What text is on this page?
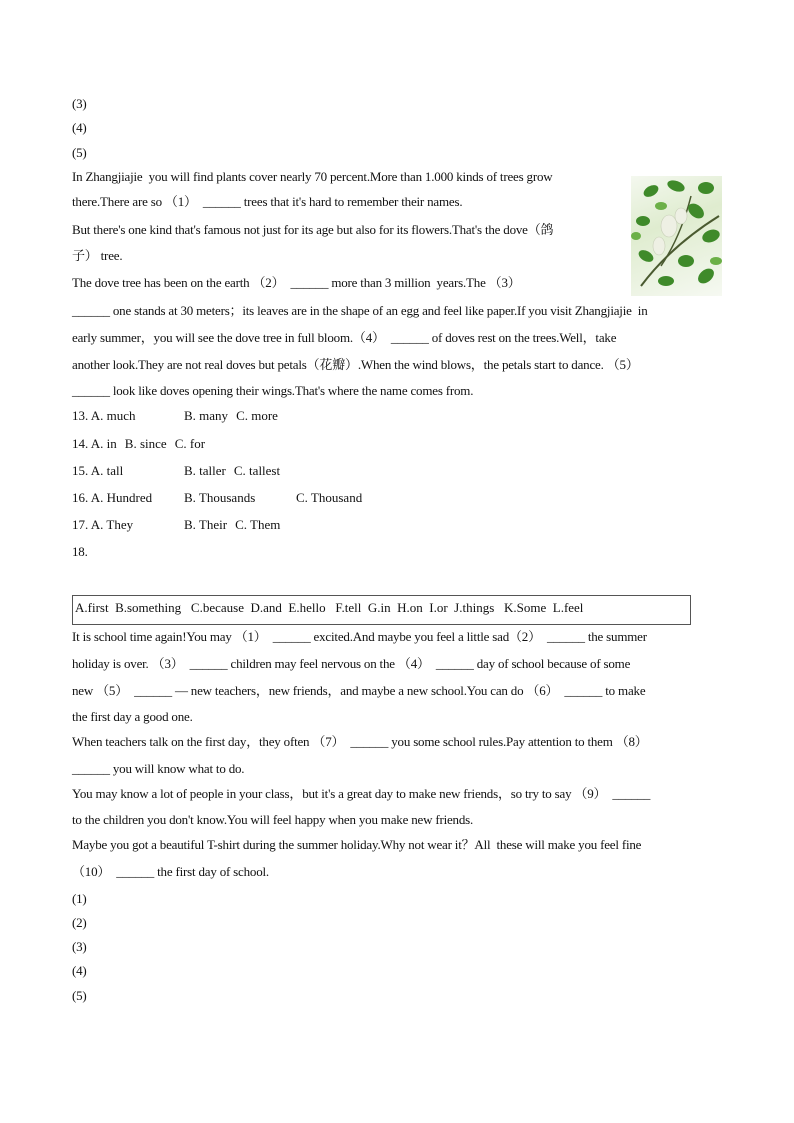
(3)
(4)
(5)
In Zhangjiajie  you will find plants cover nearly 70 percent.More than 1.000 kinds of trees grow
there.There are so （1）  ______ trees that it's hard to remember their names.
But there's one kind that's famous not just for its age but also for its flowers.That's the dove（鸽
子） tree.
The dove tree has been on the earth （2）  ______ more than 3 million  years.The （3）
______ one stands at 30 meters；its leaves are in the shape of an egg and feel like paper.If you visit Zhangjiajie  in
early summer，you will see the dove tree in full bloom.（4）  ______ of doves rest on the trees.Well，take
another look.They are not real doves but petals（花瓣）.When the wind blows，the petals start to dance. （5）
______ look like doves opening their wings.That's where the name comes from.
13. A. much	B. many C. more
14. A. in B. since C. for
15. A. tall	B. taller C. tallest
16. A. Hundred B. Thousands	C. Thousand
17. A. They	B. Their C. Them
18.
A.first  B.something   C.because  D.and  E.hello   F.tell  G.in  H.on  I.or  J.things   K.Some  L.feel
It is school time again!You may （1）  ______ excited.And maybe you feel a little sad（2）  ______ the summer
holiday is over. （3）  ______ children may feel nervous on the （4）  ______ day of school because of some
new （5）  ______ — new teachers，new friends，and maybe a new school.You can do （6）  ______ to make
the first day a good one.
When teachers talk on the first day，they often （7）  ______ you some school rules.Pay attention to them （8）
______ you will know what to do.
You may know a lot of people in your class，but it's a great day to make new friends，so try to say （9）  ______
to the children you don't know.You will feel happy when you make new friends.
Maybe you got a beautiful T-shirt during the summer holiday.Why not wear it？All  these will make you feel fine
（10）  ______ the first day of school.
(1)
(2)
(3)
(4)
(5)
